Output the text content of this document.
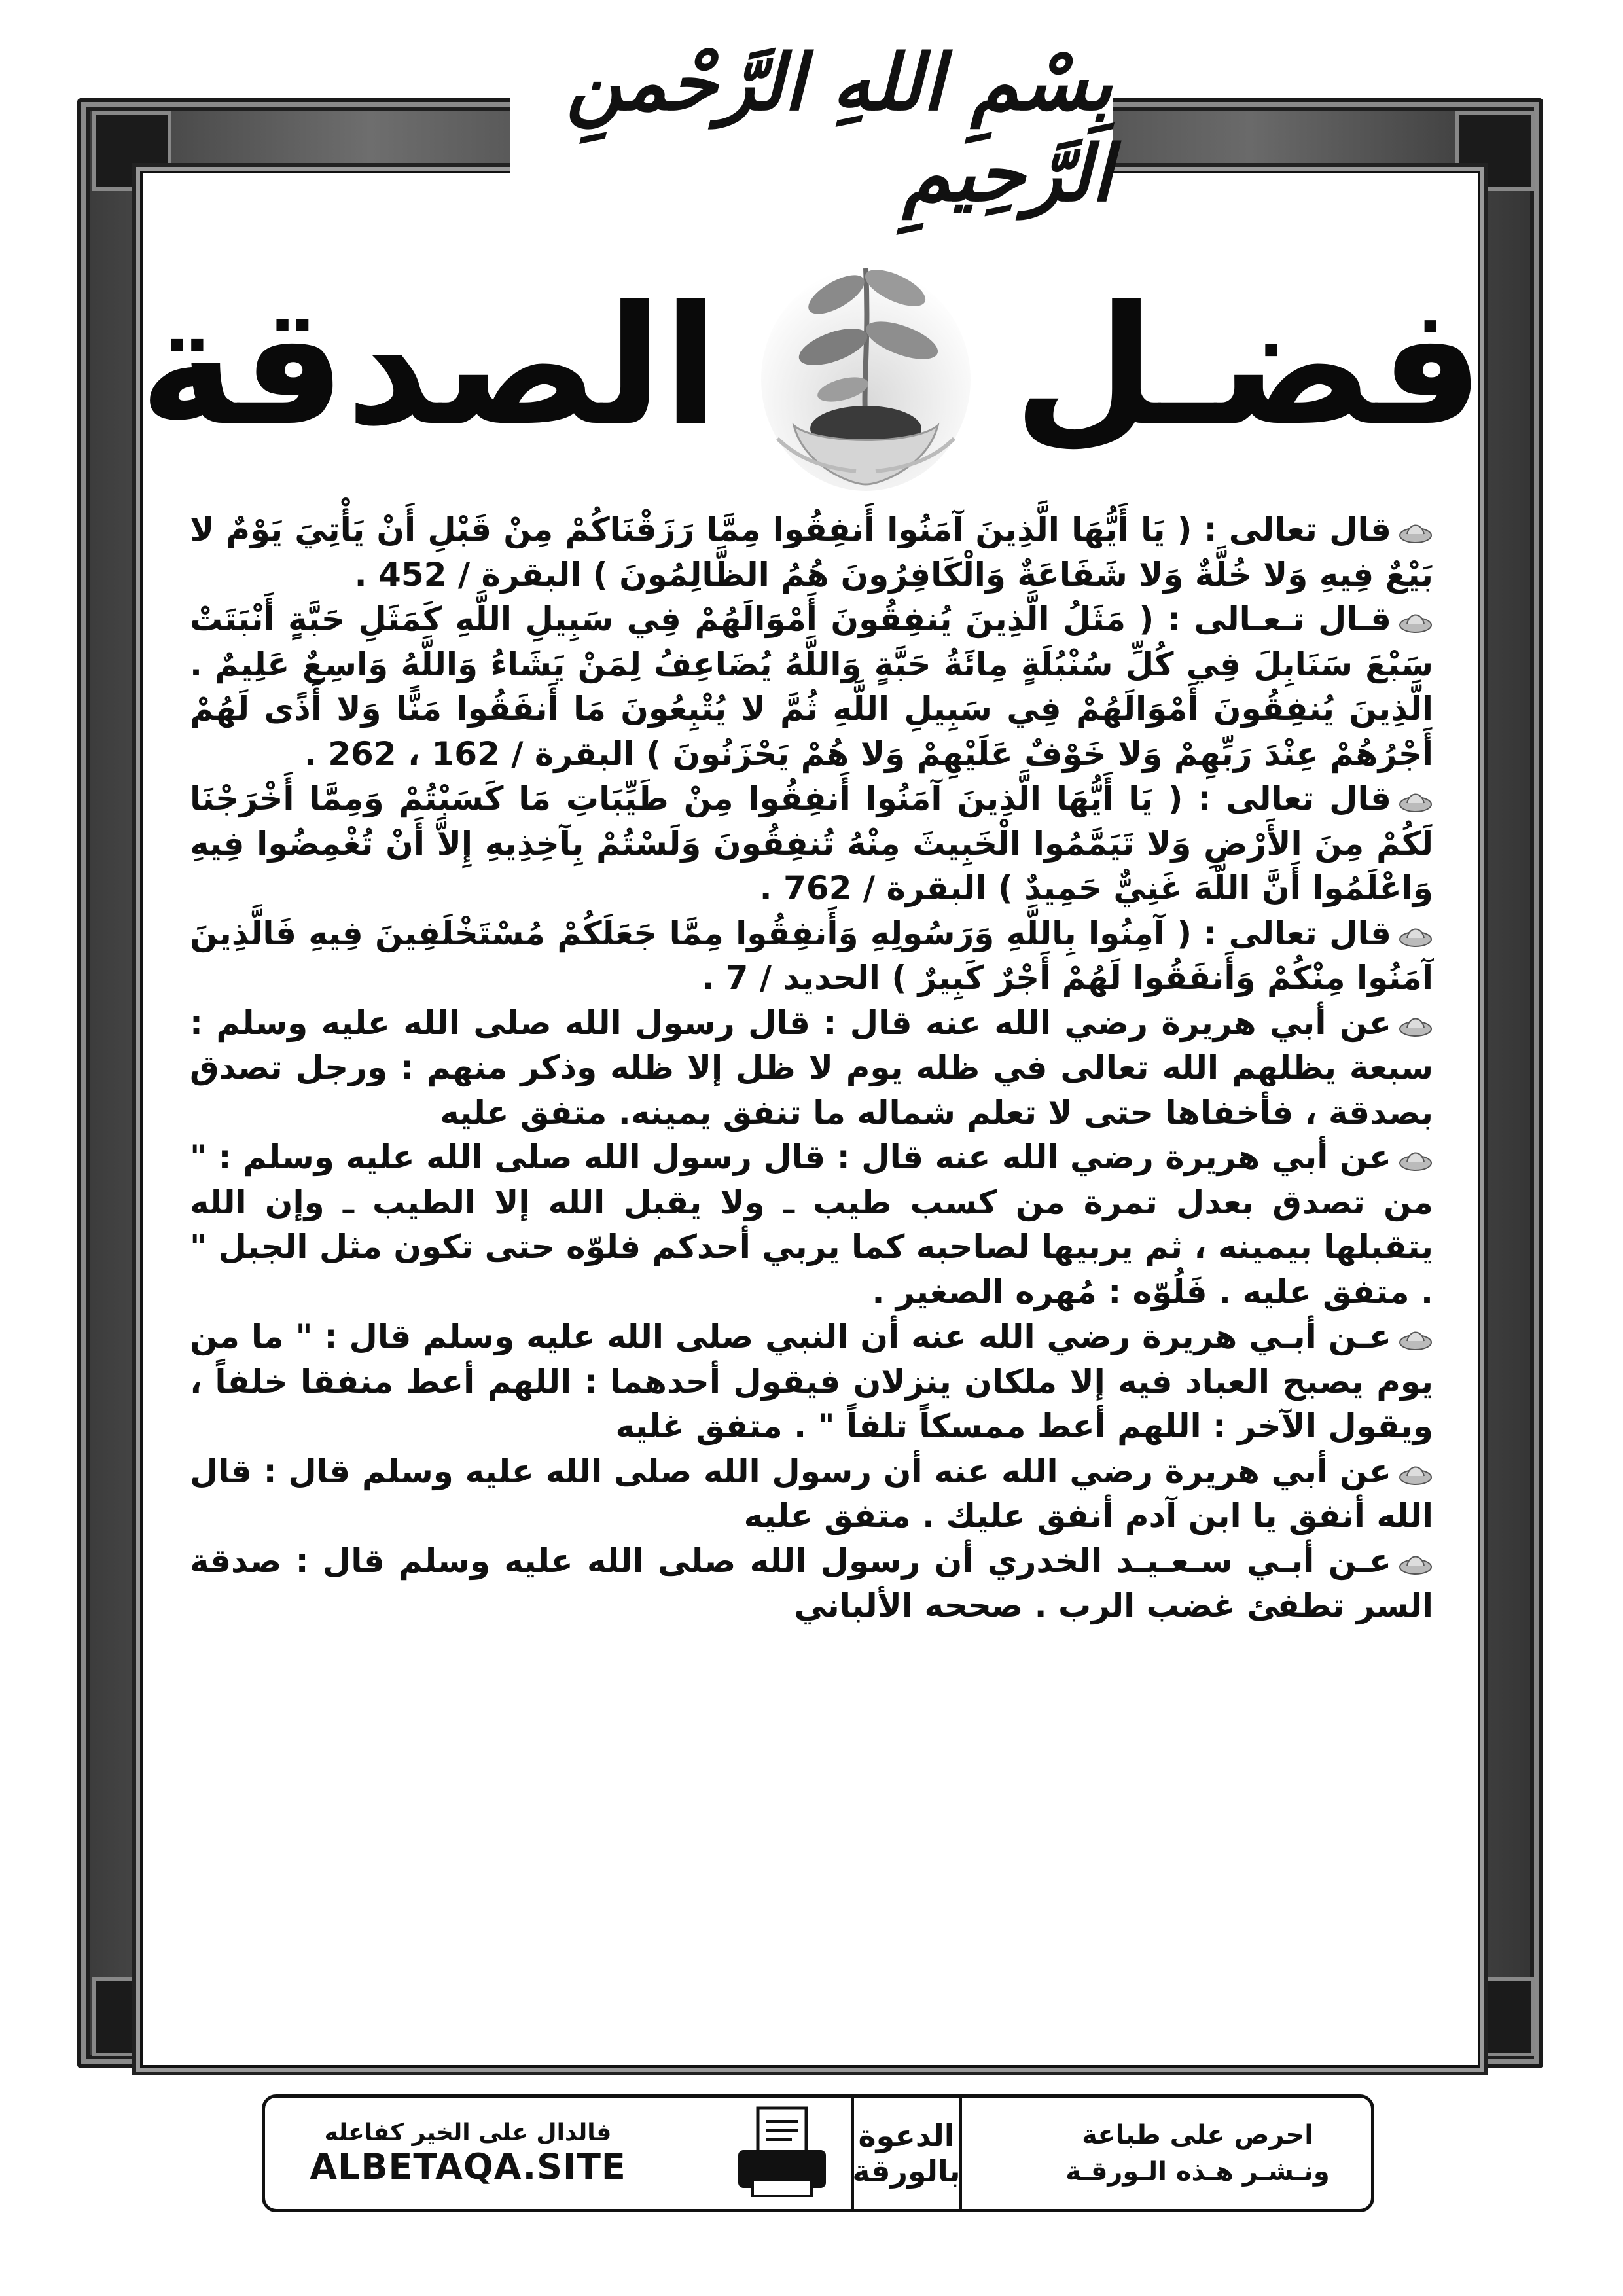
بِسْمِ اللهِ الرَّحْمنِ الرَّحِيمِ
فضـل
الصدقة

قال تعالى : ( يَا أَيُّهَا الَّذِينَ آمَنُوا أَنفِقُوا مِمَّا رَزَقْنَاكُمْ مِنْ قَبْلِ أَنْ يَأْتِيَ يَوْمٌ لا بَيْعٌ فِيهِ وَلا خُلَّةٌ وَلا شَفَاعَةٌ وَالْكَافِرُونَ هُمُ الظَّالِمُونَ ) البقرة / 452 .

قـال تـعـالى : ( مَثَلُ الَّذِينَ يُنفِقُونَ أَمْوَالَهُمْ فِي سَبِيلِ اللَّهِ كَمَثَلِ حَبَّةٍ أَنْبَتَتْ سَبْعَ سَنَابِلَ فِي كُلِّ سُنْبُلَةٍ مِائَةُ حَبَّةٍ وَاللَّهُ يُضَاعِفُ لِمَنْ يَشَاءُ وَاللَّهُ وَاسِعٌ عَلِيمٌ . الَّذِينَ يُنفِقُونَ أَمْوَالَهُمْ فِي سَبِيلِ اللَّهِ ثُمَّ لا يُتْبِعُونَ مَا أَنفَقُوا مَنًّا وَلا أَذًى لَهُمْ أَجْرُهُمْ عِنْدَ رَبِّهِمْ وَلا خَوْفٌ عَلَيْهِمْ وَلا هُمْ يَحْزَنُونَ ) البقرة / 162 ، 262 .

قال تعالى : ( يَا أَيُّهَا الَّذِينَ آمَنُوا أَنفِقُوا مِنْ طَيِّبَاتِ مَا كَسَبْتُمْ وَمِمَّا أَخْرَجْنَا لَكُمْ مِنَ الأَرْضِ وَلا تَيَمَّمُوا الْخَبِيثَ مِنْهُ تُنفِقُونَ وَلَسْتُمْ بِآخِذِيهِ إِلاَّ أَنْ تُغْمِضُوا فِيهِ وَاعْلَمُوا أَنَّ اللَّهَ غَنِيٌّ حَمِيدٌ ) البقرة / 762 .

قال تعالى : ( آمِنُوا بِاللَّهِ وَرَسُولِهِ وَأَنفِقُوا مِمَّا جَعَلَكُمْ مُسْتَخْلَفِينَ فِيهِ فَالَّذِينَ آمَنُوا مِنْكُمْ وَأَنفَقُوا لَهُمْ أَجْرٌ كَبِيرٌ ) الحديد / 7 .

عن أبي هريرة رضي الله عنه قال : قال رسول الله صلى الله عليه وسلم : سبعة يظلهم الله تعالى في ظله يوم لا ظل إلا ظله وذكر منهم : ورجل تصدق بصدقة ، فأخفاها حتى لا تعلم شماله ما تنفق يمينه. متفق عليه

عن أبي هريرة رضي الله عنه قال : قال رسول الله صلى الله عليه وسلم : " من تصدق بعدل تمرة من كسب طيب ـ ولا يقبل الله إلا الطيب ـ وإن الله يتقبلها بيمينه ، ثم يربيها لصاحبه كما يربي أحدكم فلوّه حتى تكون مثل الجبل " . متفق عليه . فَلُوّه : مُهره الصغير .

عـن أبـي هريرة رضي الله عنه أن النبي صلى الله عليه وسلم قال : " ما من يوم يصبح العباد فيه إلا ملكان ينزلان فيقول أحدهما : اللهم أعط منفقا خلفاً ، ويقول الآخر : اللهم أعط ممسكاً تلفاً " . متفق غليه

عن أبي هريرة رضي الله عنه أن رسول الله صلى الله عليه وسلم قال : قال الله أنفق يا ابن آدم أنفق عليك . متفق عليه

عـن أبـي سـعـيـد الخدري أن رسول الله صلى الله عليه وسلم قال : صدقة السر تطفئ غضب الرب . صححه الألباني

احرص على طباعة
ونـشـر هـذه الـورقـة
الدعوة
بالورقة
فالدال على الخير كفاعله
ALBETAQA.SITE
